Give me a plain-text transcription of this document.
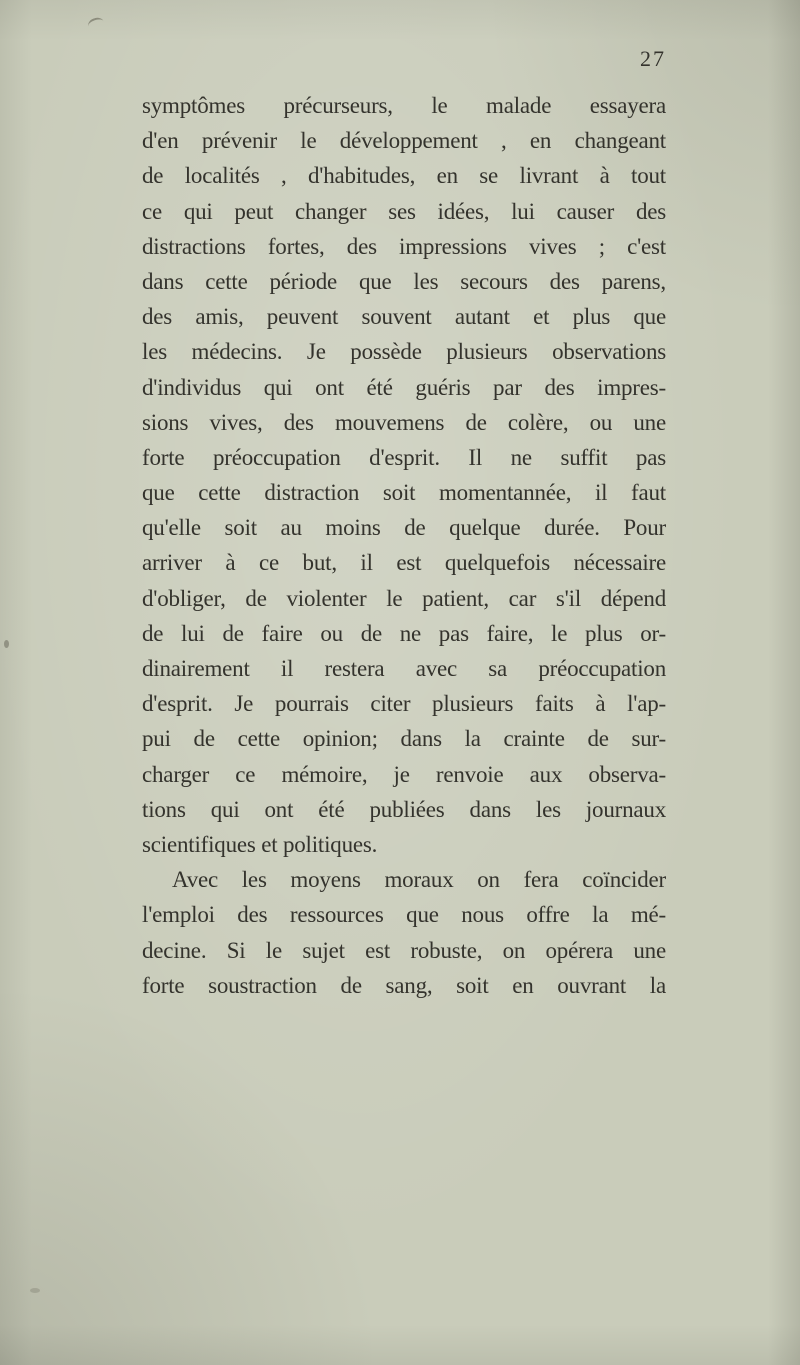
27
symptômes précurseurs, le malade essayera
d'en prévenir le développement , en changeant
de localités , d'habitudes, en se livrant à tout
ce qui peut changer ses idées, lui causer des
distractions fortes, des impressions vives ; c'est
dans cette période que les secours des parens,
des amis, peuvent souvent autant et plus que
les médecins. Je possède plusieurs observations
d'individus qui ont été guéris par des impres-
sions vives, des mouvemens de colère, ou une
forte préoccupation d'esprit. Il ne suffit pas
que cette distraction soit momentannée, il faut
qu'elle soit au moins de quelque durée. Pour
arriver à ce but, il est quelquefois nécessaire
d'obliger, de violenter le patient, car s'il dépend
de lui de faire ou de ne pas faire, le plus or-
dinairement il restera avec sa préoccupation
d'esprit. Je pourrais citer plusieurs faits à l'ap-
pui de cette opinion; dans la crainte de sur-
charger ce mémoire, je renvoie aux observa-
tions qui ont été publiées dans les journaux
scientifiques et politiques.
Avec les moyens moraux on fera coïncider
l'emploi des ressources que nous offre la mé-
decine. Si le sujet est robuste, on opérera une
forte soustraction de sang, soit en ouvrant la
